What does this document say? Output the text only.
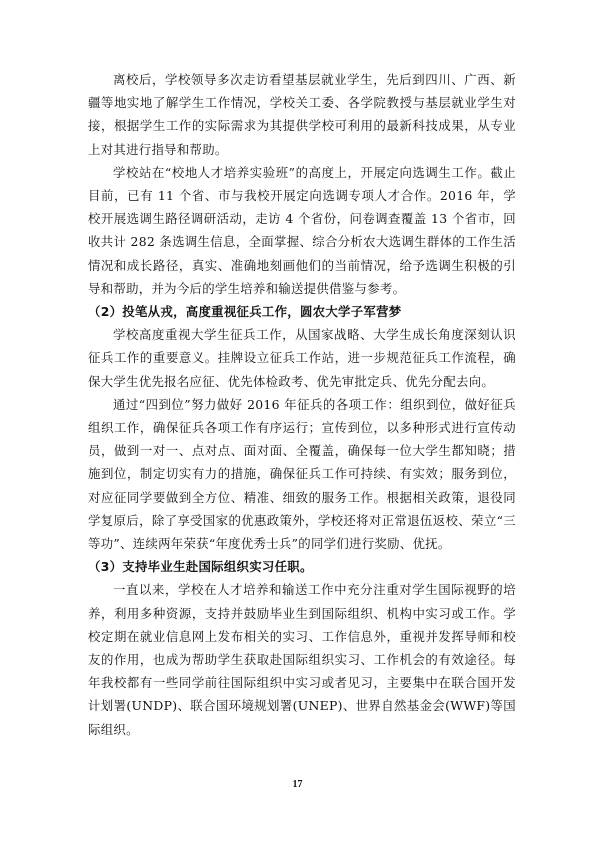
离校后，学校领导多次走访看望基层就业学生，先后到四川、广西、新疆等地实地了解学生工作情况，学校关工委、各学院教授与基层就业学生对接，根据学生工作的实际需求为其提供学校可利用的最新科技成果，从专业上对其进行指导和帮助。

学校站在“校地人才培养实验班”的高度上，开展定向选调生工作。截止目前，已有 11 个省、市与我校开展定向选调专项人才合作。2016 年，学校开展选调生路径调研活动，走访 4 个省份，问卷调查覆盖 13 个省市，回收共计 282 条选调生信息，全面掌握、综合分析农大选调生群体的工作生活情况和成长路径，真实、准确地刻画他们的当前情况，给予选调生积极的引导和帮助，并为今后的学生培养和输送提供借鉴与参考。

（2）投笔从戎，高度重视征兵工作，圆农大学子军营梦

学校高度重视大学生征兵工作，从国家战略、大学生成长角度深刻认识征兵工作的重要意义。挂牌设立征兵工作站，进一步规范征兵工作流程，确保大学生优先报名应征、优先体检政考、优先审批定兵、优先分配去向。

通过“四到位”努力做好 2016 年征兵的各项工作：组织到位，做好征兵组织工作，确保征兵各项工作有序运行；宣传到位，以多种形式进行宣传动员，做到一对一、点对点、面对面、全覆盖，确保每一位大学生都知晓；措施到位，制定切实有力的措施，确保征兵工作可持续、有实效；服务到位，对应征同学要做到全方位、精准、细致的服务工作。根据相关政策，退役同学复原后，除了享受国家的优惠政策外，学校还将对正常退伍返校、荣立“三等功”、连续两年荣获“年度优秀士兵”的同学们进行奖励、优抚。

（3）支持毕业生赴国际组织实习任职。

一直以来，学校在人才培养和输送工作中充分注重对学生国际视野的培养，利用多种资源，支持并鼓励毕业生到国际组织、机构中实习或工作。学校定期在就业信息网上发布相关的实习、工作信息外，重视并发挥导师和校友的作用，也成为帮助学生获取赴国际组织实习、工作机会的有效途径。每年我校都有一些同学前往国际组织中实习或者见习，主要集中在联合国开发计划署(UNDP)、联合国环境规划署(UNEP)、世界自然基金会(WWF)等国际组织。

17
